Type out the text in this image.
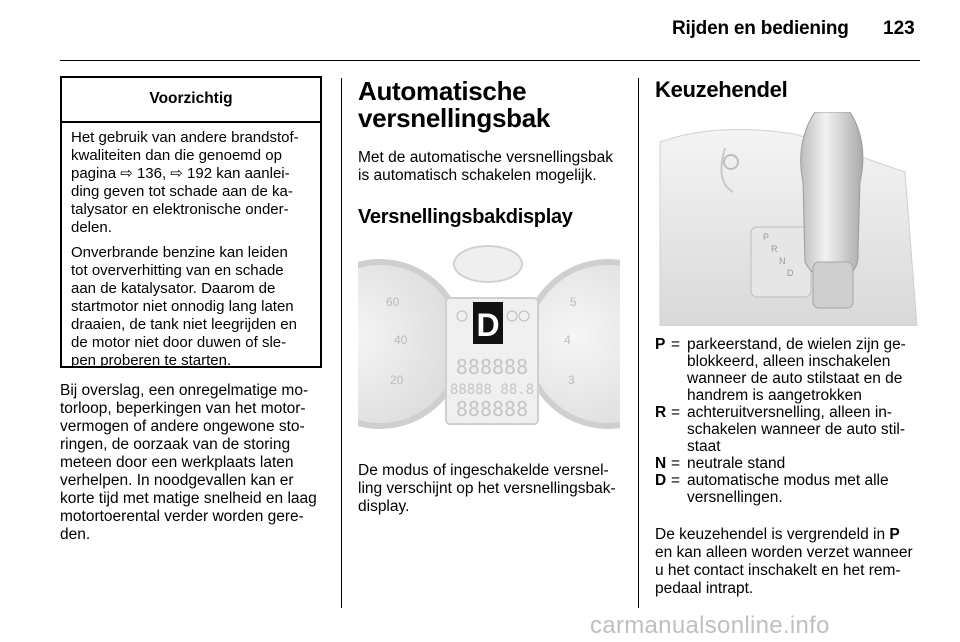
Rijden en bediening 123
Voorzichtig

Het gebruik van andere brandstof-
kwaliteiten dan die genoemd op
pagina ⇨ 136, ⇨ 192 kan aanlei-
ding geven tot schade aan de ka-
talysator en elektronische onder-
delen.

Onverbrande benzine kan leiden
tot oververhitting van en schade
aan de katalysator. Daarom de
startmotor niet onnodig lang laten
draaien, de tank niet leegrijden en
de motor niet door duwen of sle-
pen proberen te starten.

Bij overslag, een onregelmatige mo-
torloop, beperkingen van het motor-
vermogen of andere ongewone sto-
ringen, de oorzaak van de storing
meteen door een werkplaats laten
verhelpen. In noodgevallen kan er
korte tijd met matige snelheid en laag
motortoerental verder worden gere-
den.
Automatische
versnellingsbak
Met de automatische versnellingsbak
is automatisch schakelen mogelijk.
Versnellingsbakdisplay
60
40
20
5
4
3
D
888888
88888 88.8
888888
De modus of ingeschakelde versnel-
ling verschijnt op het versnellingsbak-
display.
Keuzehendel
P
R
N
D
P = parkeerstand, de wielen zijn ge-
blokkeerd, alleen inschakelen
wanneer de auto stilstaat en de
handrem is aangetrokken
R = achteruitversnelling, alleen in-
schakelen wanneer de auto stil-
staat
N = neutrale stand
D = automatische modus met alle
versnellingen.
De keuzehendel is vergrendeld in P
en kan alleen worden verzet wanneer
u het contact inschakelt en het rem-
pedaal intrapt.
carmanualsonline.info
